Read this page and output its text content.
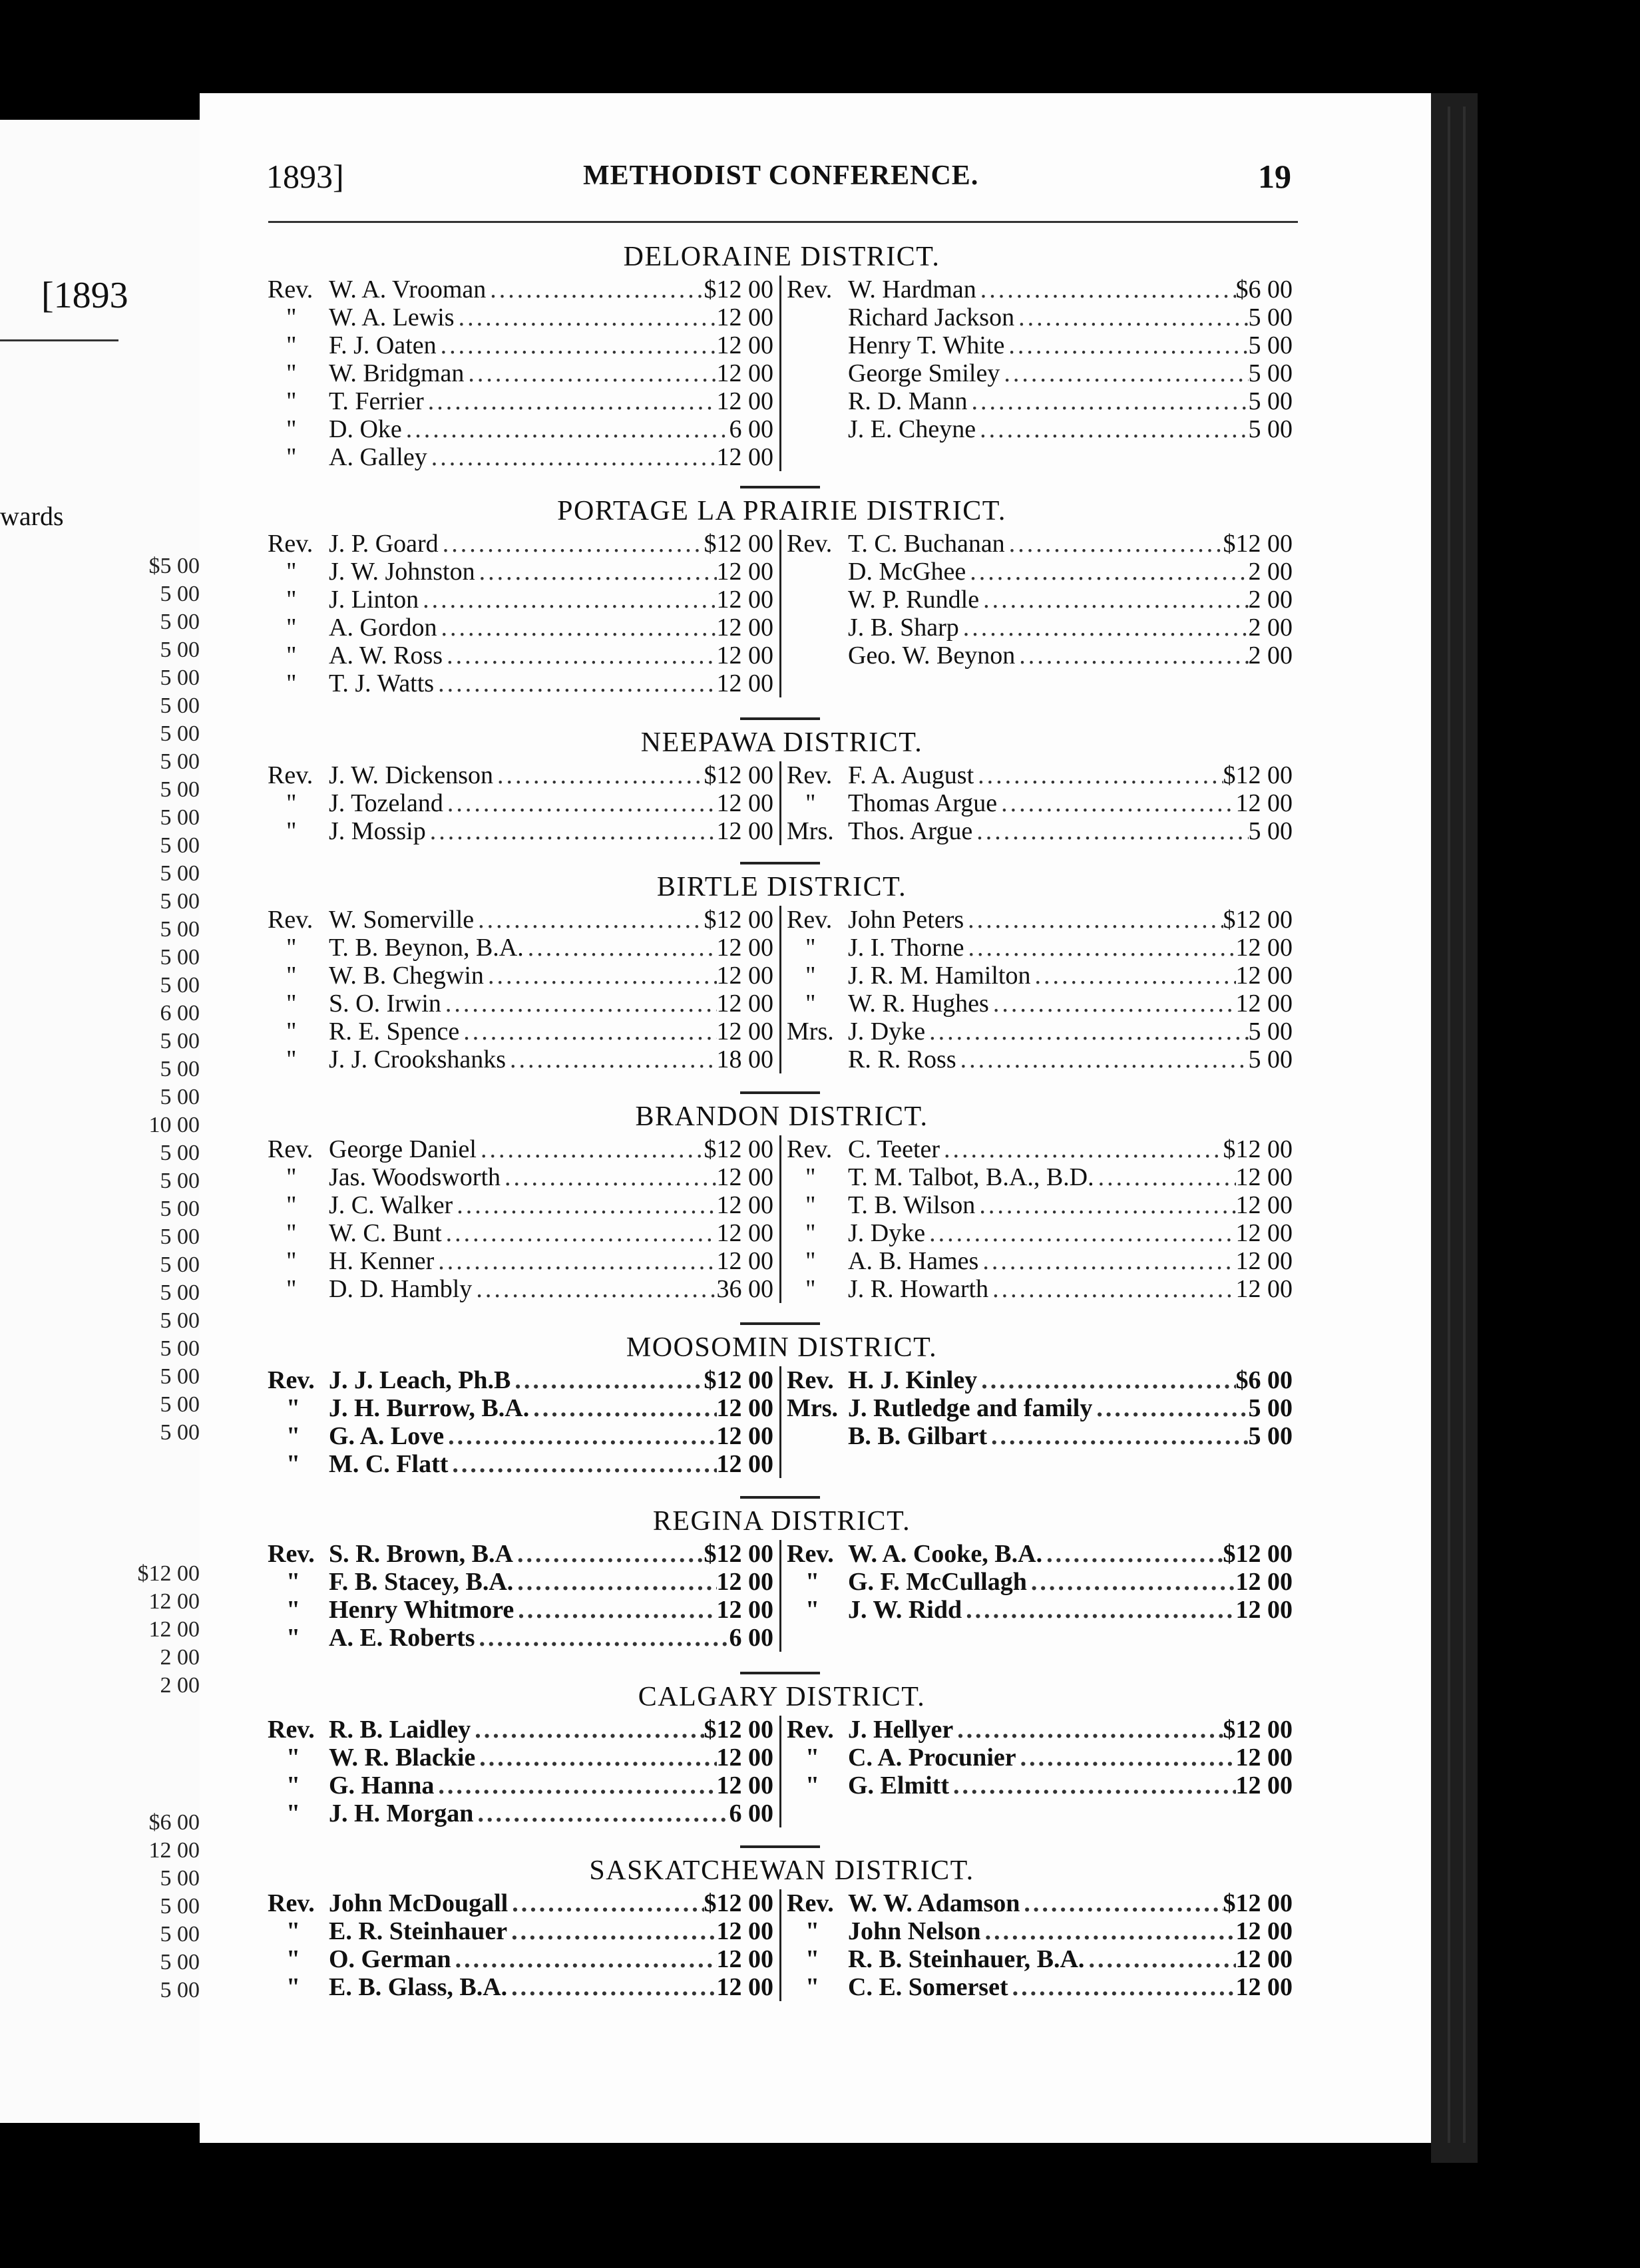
[1893
wards
$5 00
5 00
5 00
5 00
5 00
5 00
5 00
5 00
5 00
5 00
5 00
5 00
5 00
5 00
5 00
5 00
6 00
5 00
5 00
5 00
10 00
5 00
5 00
5 00
5 00
5 00
5 00
5 00
5 00
5 00
5 00
5 00
$12 00
12 00
12 00
2 00
2 00
$6 00
12 00
5 00
5 00
5 00
5 00
5 00
1893]	METHODIST CONFERENCE.	19
DELORAINE DISTRICT.
Rev. W. A. Vrooman .....	$12 00
"	W. A. Lewis .....	12 00
"	F. J. Oaten .....	12 00
"	W. Bridgman .....	12 00
"	T. Ferrier .....	12 00
"	D. Oke .....	6 00
"	A. Galley .....	12 00
Rev. W. Hardman .....	$6 00
Richard Jackson .....	5 00
Henry T. White .....	5 00
George Smiley .....	5 00
R. D. Mann .....	5 00
J. E. Cheyne .....	5 00
PORTAGE LA PRAIRIE DISTRICT.
Rev. J. P. Goard .....	$12 00
"	J. W. Johnston .....	12 00
"	J. Linton .....	12 00
"	A. Gordon .....	12 00
"	A. W. Ross .....	12 00
"	T. J. Watts .....	12 00
Rev. T. C. Buchanan .....	$12 00
D. McGhee .....	2 00
W. P. Rundle .....	2 00
J. B. Sharp .....	2 00
Geo. W. Beynon .....	2 00
NEEPAWA DISTRICT.
Rev. J. W. Dickenson .....	$12 00
"	J. Tozeland .....	12 00
"	J. Mossip .....	12 00
Rev. F. A. August .....	$12 00
"	Thomas Argue .....	12 00
Mrs. Thos. Argue .....	5 00
BIRTLE DISTRICT.
Rev. W. Somerville .....	$12 00
"	T. B. Beynon, B.A. .....	12 00
"	W. B. Chegwin .....	12 00
"	S. O. Irwin .....	12 00
"	R. E. Spence .....	12 00
"	J. J. Crookshanks .....	18 00
Rev. John Peters .....	$12 00
"	J. I. Thorne .....	12 00
"	J. R. M. Hamilton .....	12 00
"	W. R. Hughes .....	12 00
Mrs. J. Dyke .....	5 00
R. R. Ross .....	5 00
BRANDON DISTRICT.
Rev. George Daniel .....	$12 00
"	Jas. Woodsworth .....	12 00
"	J. C. Walker .....	12 00
"	W. C. Bunt .....	12 00
"	H. Kenner .....	12 00
"	D. D. Hambly .....	36 00
Rev. C. Teeter .....	$12 00
"	T. M. Talbot, B.A., B.D. .....	12 00
"	T. B. Wilson .....	12 00
"	J. Dyke .....	12 00
"	A. B. Hames .....	12 00
"	J. R. Howarth .....	12 00
MOOSOMIN DISTRICT.
Rev. J. J. Leach, Ph.B .....	$12 00
"	J. H. Burrow, B.A. .....	12 00
"	G. A. Love .....	12 00
"	M. C. Flatt .....	12 00
Rev. H. J. Kinley .....	$6 00
Mrs. J. Rutledge and family .....	5 00
B. B. Gilbart .....	5 00
REGINA DISTRICT.
Rev. S. R. Brown, B.A .....	$12 00
"	F. B. Stacey, B.A. .....	12 00
"	Henry Whitmore .....	12 00
"	A. E. Roberts .....	6 00
Rev. W. A. Cooke, B.A. .....	$12 00
"	G. F. McCullagh .....	12 00
"	J. W. Ridd .....	12 00
CALGARY DISTRICT.
Rev. R. B. Laidley .....	$12 00
"	W. R. Blackie .....	12 00
"	G. Hanna .....	12 00
"	J. H. Morgan .....	6 00
Rev. J. Hellyer .....	$12 00
"	C. A. Procunier .....	12 00
"	G. Elmitt .....	12 00
SASKATCHEWAN DISTRICT.
Rev. John McDougall .....	$12 00
"	E. R. Steinhauer .....	12 00
"	O. German .....	12 00
"	E. B. Glass, B.A. .....	12 00
Rev. W. W. Adamson .....	$12 00
"	John Nelson .....	12 00
"	R. B. Steinhauer, B.A. .....	12 00
"	C. E. Somerset .....	12 00
